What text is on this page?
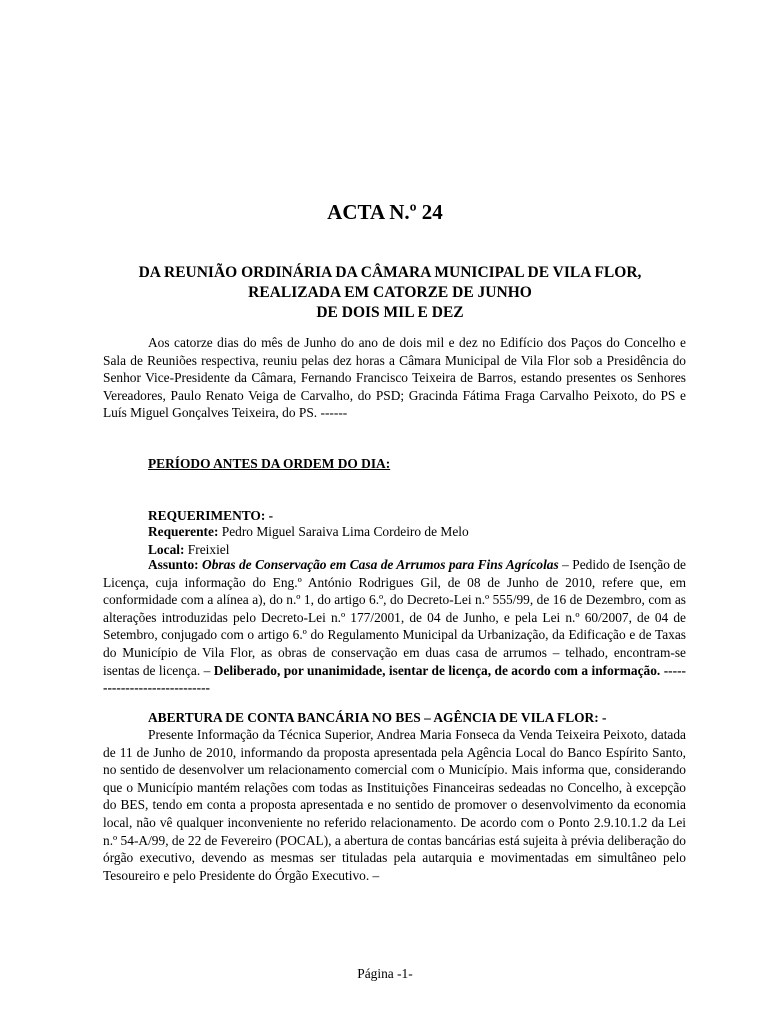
ACTA N.º 24
DA REUNIÃO ORDINÁRIA DA CÂMARA MUNICIPAL DE VILA FLOR,
REALIZADA EM CATORZE DE JUNHO
DE DOIS MIL E DEZ

Aos catorze dias do mês de Junho do ano de dois mil e dez no Edifício dos Paços do Concelho e Sala de Reuniões respectiva, reuniu pelas dez horas a Câmara Municipal de Vila Flor sob a Presidência do Senhor Vice-Presidente da Câmara, Fernando Francisco Teixeira de Barros, estando presentes os Senhores Vereadores, Paulo Renato Veiga de Carvalho, do PSD; Gracinda Fátima Fraga Carvalho Peixoto, do PS e Luís Miguel Gonçalves Teixeira, do PS. ------

PERÍODO ANTES DA ORDEM DO DIA:

REQUERIMENTO: -

Requerente: Pedro Miguel Saraiva Lima Cordeiro de Melo

Local: Freixiel

Assunto: Obras de Conservação em Casa de Arrumos para Fins Agrícolas – Pedido de Isenção de Licença, cuja informação do Eng.º António Rodrigues Gil, de 08 de Junho de 2010, refere que, em conformidade com a alínea a), do n.º 1, do artigo 6.º, do Decreto-Lei n.º 555/99, de 16 de Dezembro, com as alterações introduzidas pelo Decreto-Lei n.º 177/2001, de 04 de Junho, e pela Lei n.º 60/2007, de 04 de Setembro, conjugado com o artigo 6.º do Regulamento Municipal da Urbanização, da Edificação e de Taxas do Município de Vila Flor, as obras de conservação em duas casa de arrumos – telhado, encontram-se isentas de licença. – Deliberado, por unanimidade, isentar de licença, de acordo com a informação. -----------------------------

ABERTURA DE CONTA BANCÁRIA NO BES – AGÊNCIA DE VILA FLOR: -

Presente Informação da Técnica Superior, Andrea Maria Fonseca da Venda Teixeira Peixoto, datada de 11 de Junho de 2010, informando da proposta apresentada pela Agência Local do Banco Espírito Santo, no sentido de desenvolver um relacionamento comercial com o Município. Mais informa que, considerando que o Município mantém relações com todas as Instituições Financeiras sedeadas no Concelho, à excepção do BES, tendo em conta a proposta apresentada e no sentido de promover o desenvolvimento da economia local, não vê qualquer inconveniente no referido relacionamento. De acordo com o Ponto 2.9.10.1.2 da Lei n.º 54-A/99, de 22 de Fevereiro (POCAL), a abertura de contas bancárias está sujeita à prévia deliberação do órgão executivo, devendo as mesmas ser tituladas pela autarquia e movimentadas em simultâneo pelo Tesoureiro e pelo Presidente do Órgão Executivo. –

Página -1-
